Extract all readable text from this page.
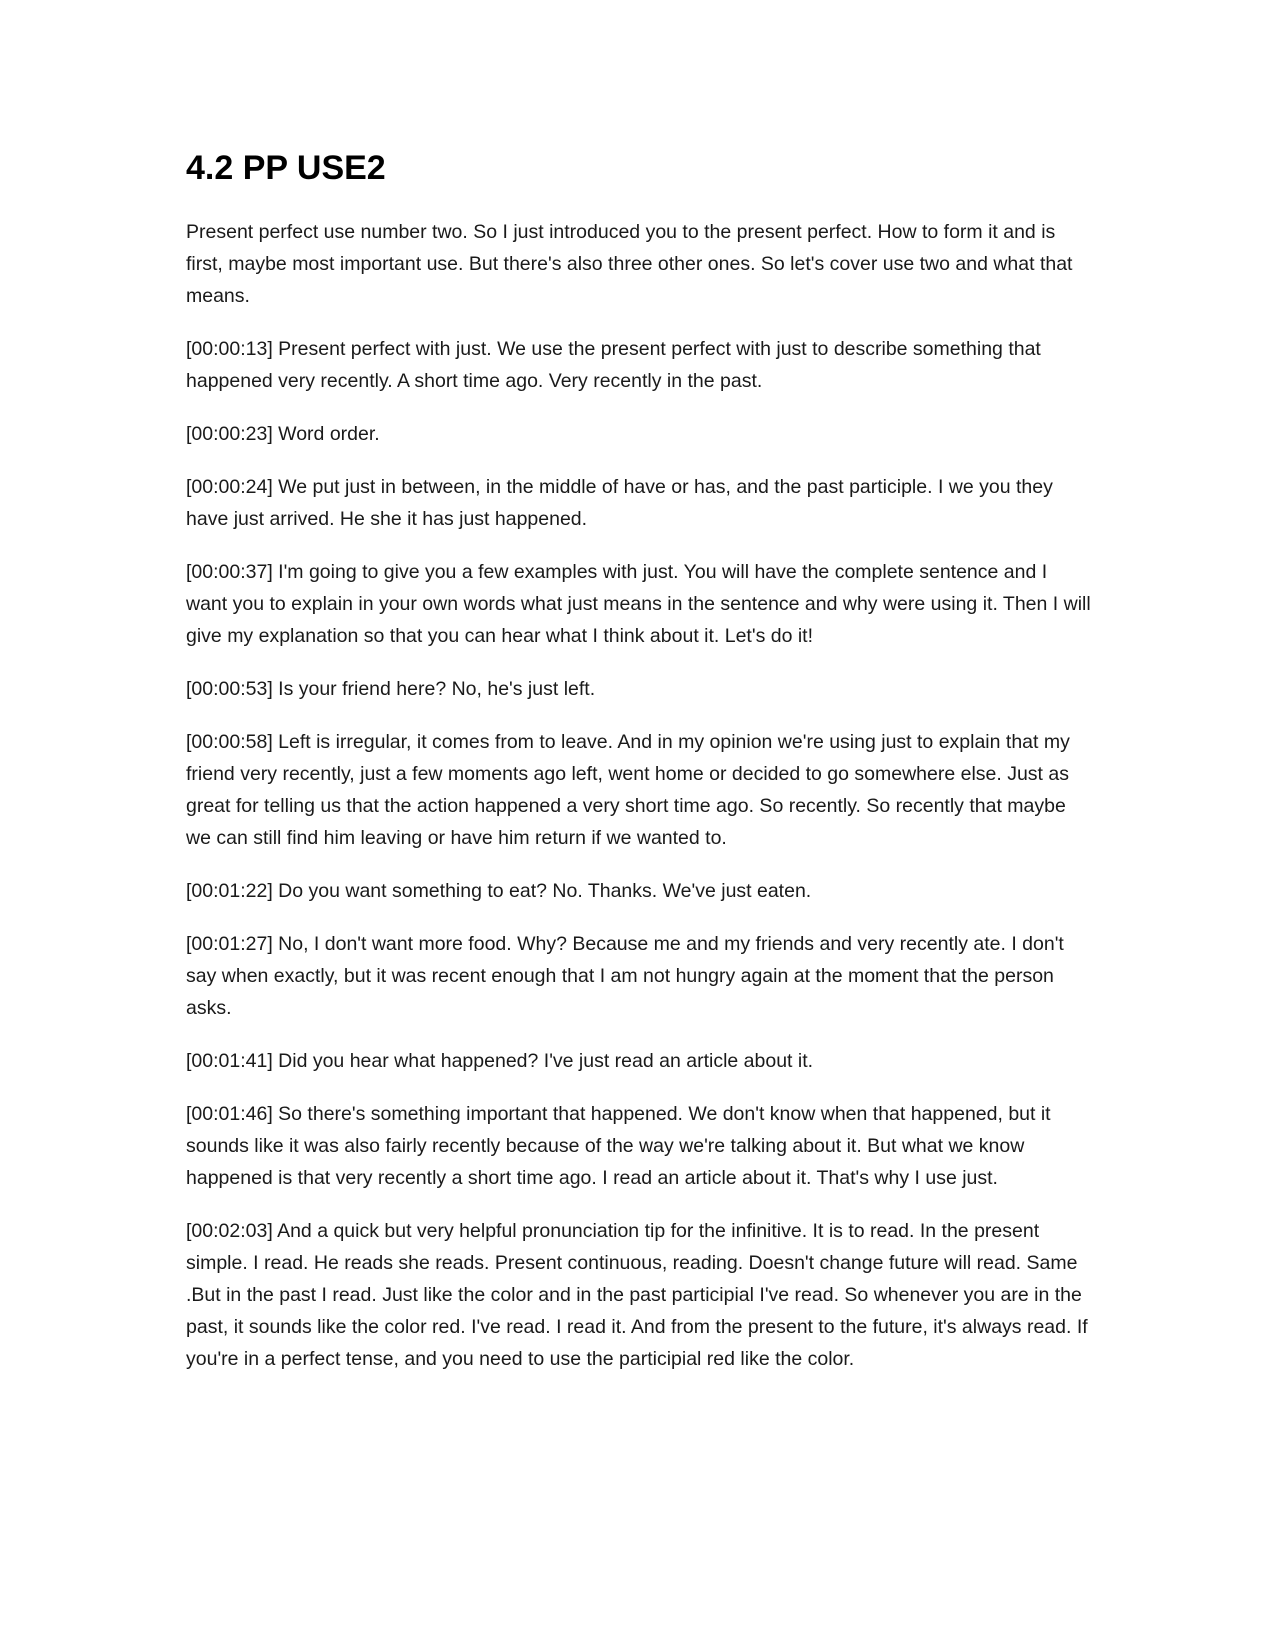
4.2 PP USE2

Present perfect use number two. So I just introduced you to the present perfect. How to form it and is first, maybe most important use. But there's also three other ones. So let's cover use two and what that means.

[00:00:13] Present perfect with just. We use the present perfect with just to describe something that happened very recently. A short time ago. Very recently in the past.

[00:00:23] Word order.

[00:00:24] We put just in between, in the middle of have or has, and the past participle. I we you they have just arrived. He she it has just happened.

[00:00:37] I'm going to give you a few examples with just. You will have the complete sentence and I want you to explain in your own words what just means in the sentence and why were using it. Then I will give my explanation so that you can hear what I think about it. Let's do it!

[00:00:53] Is your friend here? No, he's just left.

[00:00:58] Left is irregular, it comes from to leave. And in my opinion we're using just to explain that my friend very recently, just a few moments ago left, went home or decided to go somewhere else. Just as great for telling us that the action happened a very short time ago. So recently. So recently that maybe we can still find him leaving or have him return if we wanted to.

[00:01:22] Do you want something to eat? No. Thanks. We've just eaten.

[00:01:27] No, I don't want more food. Why? Because me and my friends and very recently ate. I don't say when exactly, but it was recent enough that I am not hungry again at the moment that the person asks.

[00:01:41] Did you hear what happened? I've just read an article about it.

[00:01:46] So there's something important that happened. We don't know when that happened, but it sounds like it was also fairly recently because of the way we're talking about it. But what we know happened is that very recently a short time ago. I read an article about it. That's why I use just.

[00:02:03] And a quick but very helpful pronunciation tip for the infinitive. It is to read. In the present simple. I read. He reads she reads. Present continuous, reading. Doesn't change future will read. Same .But in the past I read. Just like the color and in the past participial I've read. So whenever you are in the past, it sounds like the color red. I've read. I read it. And from the present to the future, it's always read. If you're in a perfect tense, and you need to use the participial red like the color.
